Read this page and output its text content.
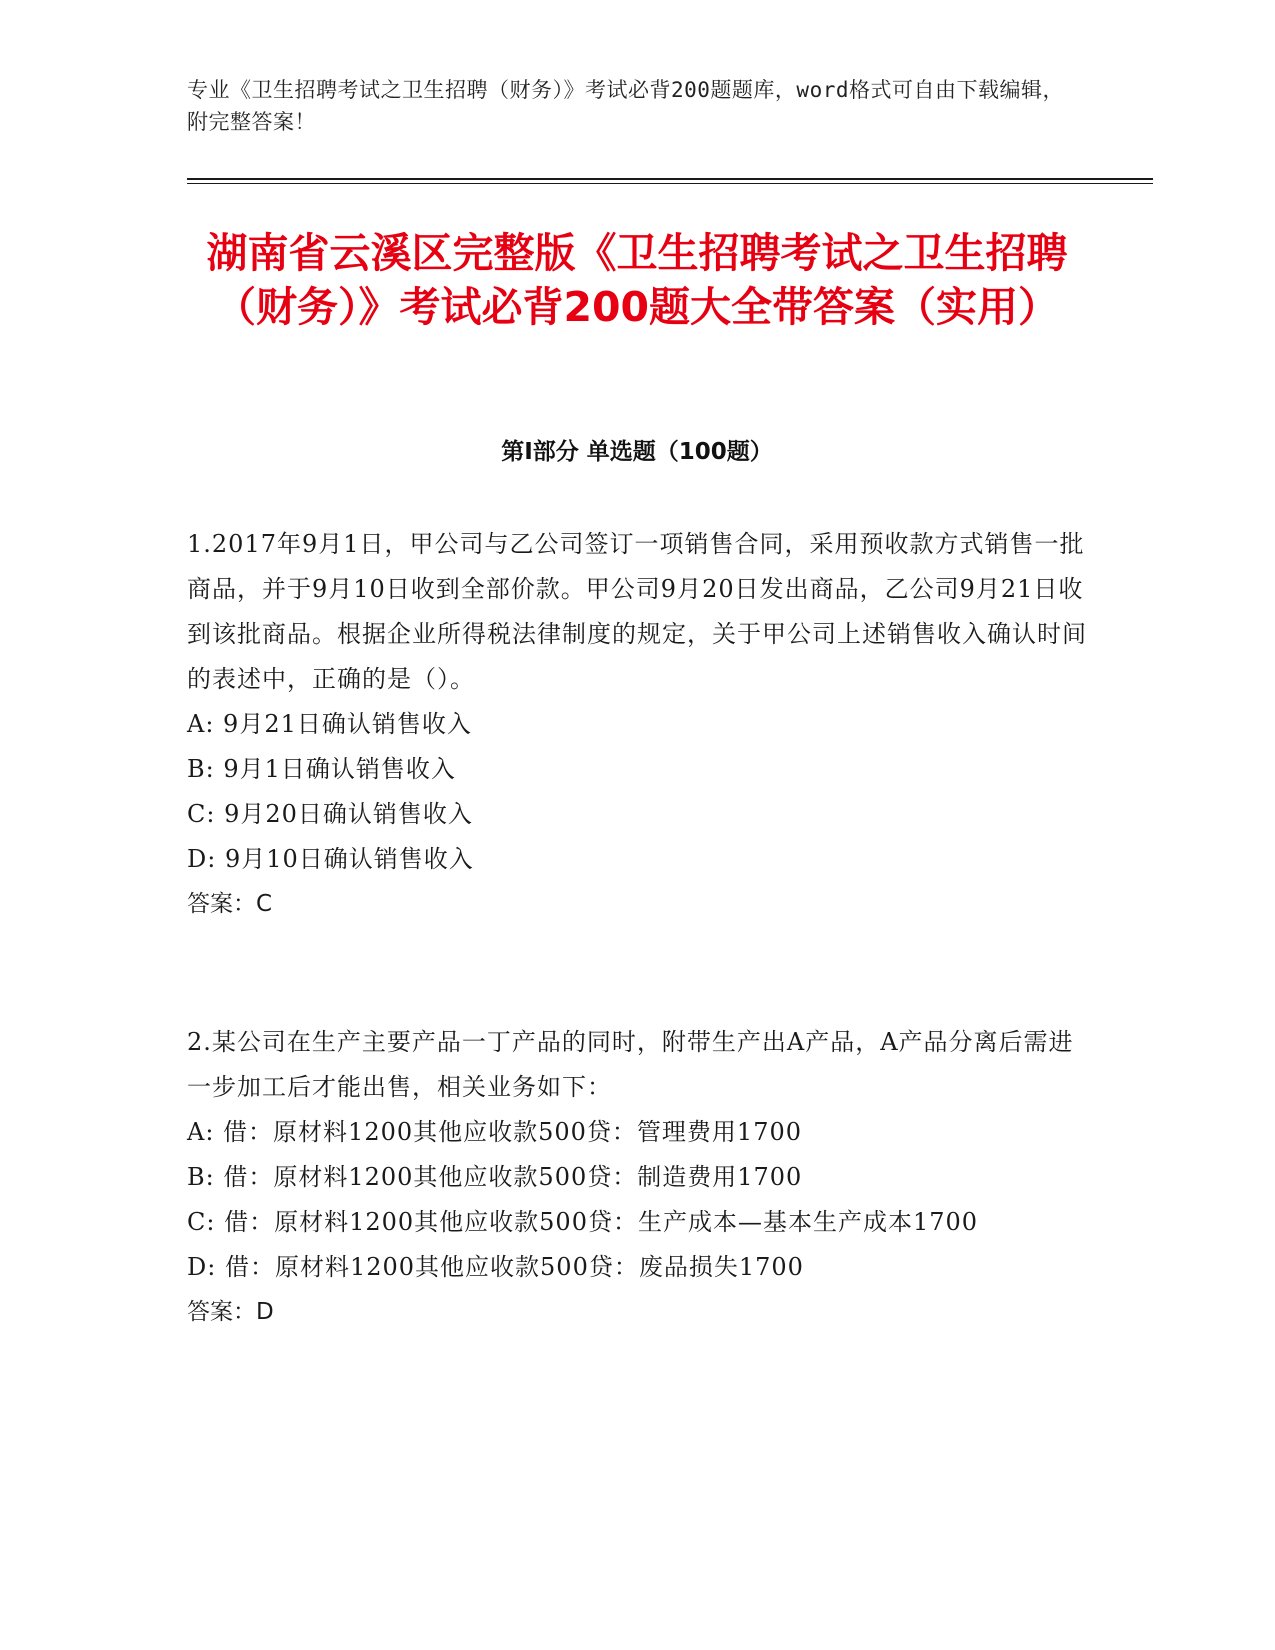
专业《卫生招聘考试之卫生招聘（财务）》考试必背200题题库，word格式可自由下载编辑，附完整答案！
湖南省云溪区完整版《卫生招聘考试之卫生招聘（财务）》考试必背200题大全带答案（实用）
第Ⅰ部分 单选题（100题）
1.2017年9月1日，甲公司与乙公司签订一项销售合同，采用预收款方式销售一批商品，并于9月10日收到全部价款。甲公司9月20日发出商品，乙公司9月21日收到该批商品。根据企业所得税法律制度的规定，关于甲公司上述销售收入确认时间的表述中，正确的是（）。
A: 9月21日确认销售收入
B: 9月1日确认销售收入
C: 9月20日确认销售收入
D: 9月10日确认销售收入
答案：C
2.某公司在生产主要产品一丁产品的同时，附带生产出A产品，A产品分离后需进一步加工后才能出售，相关业务如下：
A: 借：原材料1200其他应收款500贷：管理费用1700
B: 借：原材料1200其他应收款500贷：制造费用1700
C: 借：原材料1200其他应收款500贷：生产成本—基本生产成本1700
D: 借：原材料1200其他应收款500贷：废品损失1700
答案：D
